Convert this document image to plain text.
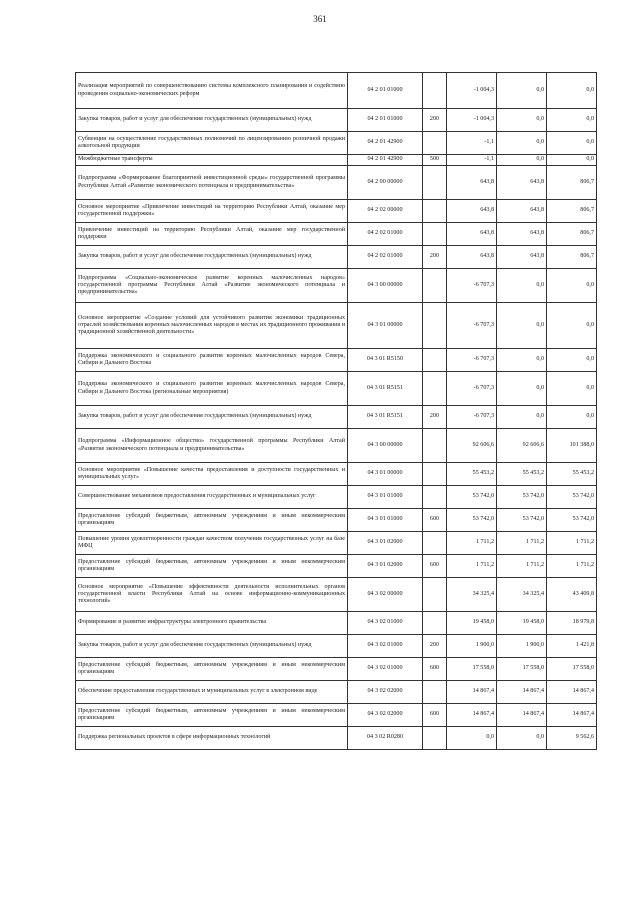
361
Реализация мероприятий по совершенствованию системы комплексного планирования и содействию проведения социально-экономических реформ	04 2 01 01000		-1 004,3	0,0	0,0
Закупка товаров, работ и услуг для обеспечения государственных (муниципальных) нужд	04 2 01 01000	200	-1 004,3	0,0	0,0
Субвенции на осуществление государственных полномочий по лицензированию розничной продажи алкогольной продукции	04 2 01 42900		-1,1	0,0	0,0
Межбюджетные трансферты	04 2 01 42900	500	-1,1	0,0	0,0
Подпрограмма «Формирование благоприятной инвестиционной среды» государственной программы Республики Алтай «Развитие экономического потенциала и предпринимательства»	04 2 00 00000		643,8	643,8	806,7
Основное мероприятие «Привлечение инвестиций на территорию Республики Алтай, оказание мер государственной поддержки»	04 2 02 00000		643,8	643,8	806,7
Привлечение инвестиций на территорию Республики Алтай, оказание мер государственной поддержки	04 2 02 01000		643,8	643,8	806,7
Закупка товаров, работ и услуг для обеспечения государственных (муниципальных) нужд	04 2 02 01000	200	643,8	643,8	806,7
Подпрограмма «Социально-экономическое развитие коренных малочисленных народов» государственной программы Республики Алтай «Развитие экономического потенциала и предпринимательства»	04 3 00 00000		-6 707,3	0,0	0,0
Основное мероприятие «Создание условий для устойчивого развития экономики традиционных отраслей хозяйствования коренных малочисленных народов в местах их традиционного проживания и традиционной хозяйственной деятельности»	04 3 01 00000		-6 707,3	0,0	0,0
Поддержка экономического и социального развития коренных малочисленных народов Севера, Сибири и Дальнего Востока	04 3 01 R5150		-6 707,3	0,0	0,0
Поддержка экономического и социального развития коренных малочисленных народов Севера, Сибири и Дальнего Востока (региональные мероприятия)	04 3 01 R5151		-6 707,3	0,0	0,0
Закупка товаров, работ и услуг для обеспечения государственных (муниципальных) нужд	04 3 01 R5151	200	-6 707,3	0,0	0,0
Подпрограмма «Информационное общество» государственной программы Республики Алтай «Развитие экономического потенциала и предпринимательства»	04 3 00 00000		92 606,6	92 606,6	101 388,0
Основное мероприятие «Повышение качества предоставления и доступности государственных и муниципальных услуг»	04 3 01 00000		55 453,2	55 453,2	55 453,2
Совершенствование механизмов предоставления государственных и муниципальных услуг	04 3 01 01000		53 742,0	53 742,0	53 742,0
Предоставление субсидий бюджетным, автономным учреждениям и иным некоммерческим организациям	04 3 01 01000	600	53 742,0	53 742,0	53 742,0
Повышение уровня удовлетворенности граждан качеством получения государственных услуг на базе МФЦ	04 3 01 02000		1 711,2	1 711,2	1 711,2
Предоставление субсидий бюджетным, автономным учреждениям и иным некоммерческим организациям	04 3 01 02000	600	1 711,2	1 711,2	1 711,2
Основное мероприятие «Повышение эффективности деятельности исполнительных органов государственной власти Республики Алтай на основе информационно-коммуникационных технологий»	04 3 02 00000		34 325,4	34 325,4	43 409,8
Формирование и развитие инфраструктуры электронного правительства	04 3 02 01000		19 458,0	19 458,0	18 979,8
Закупка товаров, работ и услуг для обеспечения государственных (муниципальных) нужд	04 3 02 01000	200	1 900,0	1 900,0	1 421,8
Предоставление субсидий бюджетным, автономным учреждениям и иным некоммерческим организациям	04 3 02 01000	600	17 558,0	17 558,0	17 558,0
Обеспечение предоставления государственных и муниципальных услуг в электронном виде	04 3 02 02000		14 867,4	14 867,4	14 867,4
Предоставление субсидий бюджетным, автономным учреждениям и иным некоммерческим организациям	04 3 02 02000	600	14 867,4	14 867,4	14 867,4
Поддержка региональных проектов в сфере информационных технологий	04 3 02 R0280		0,0	0,0	9 562,6
